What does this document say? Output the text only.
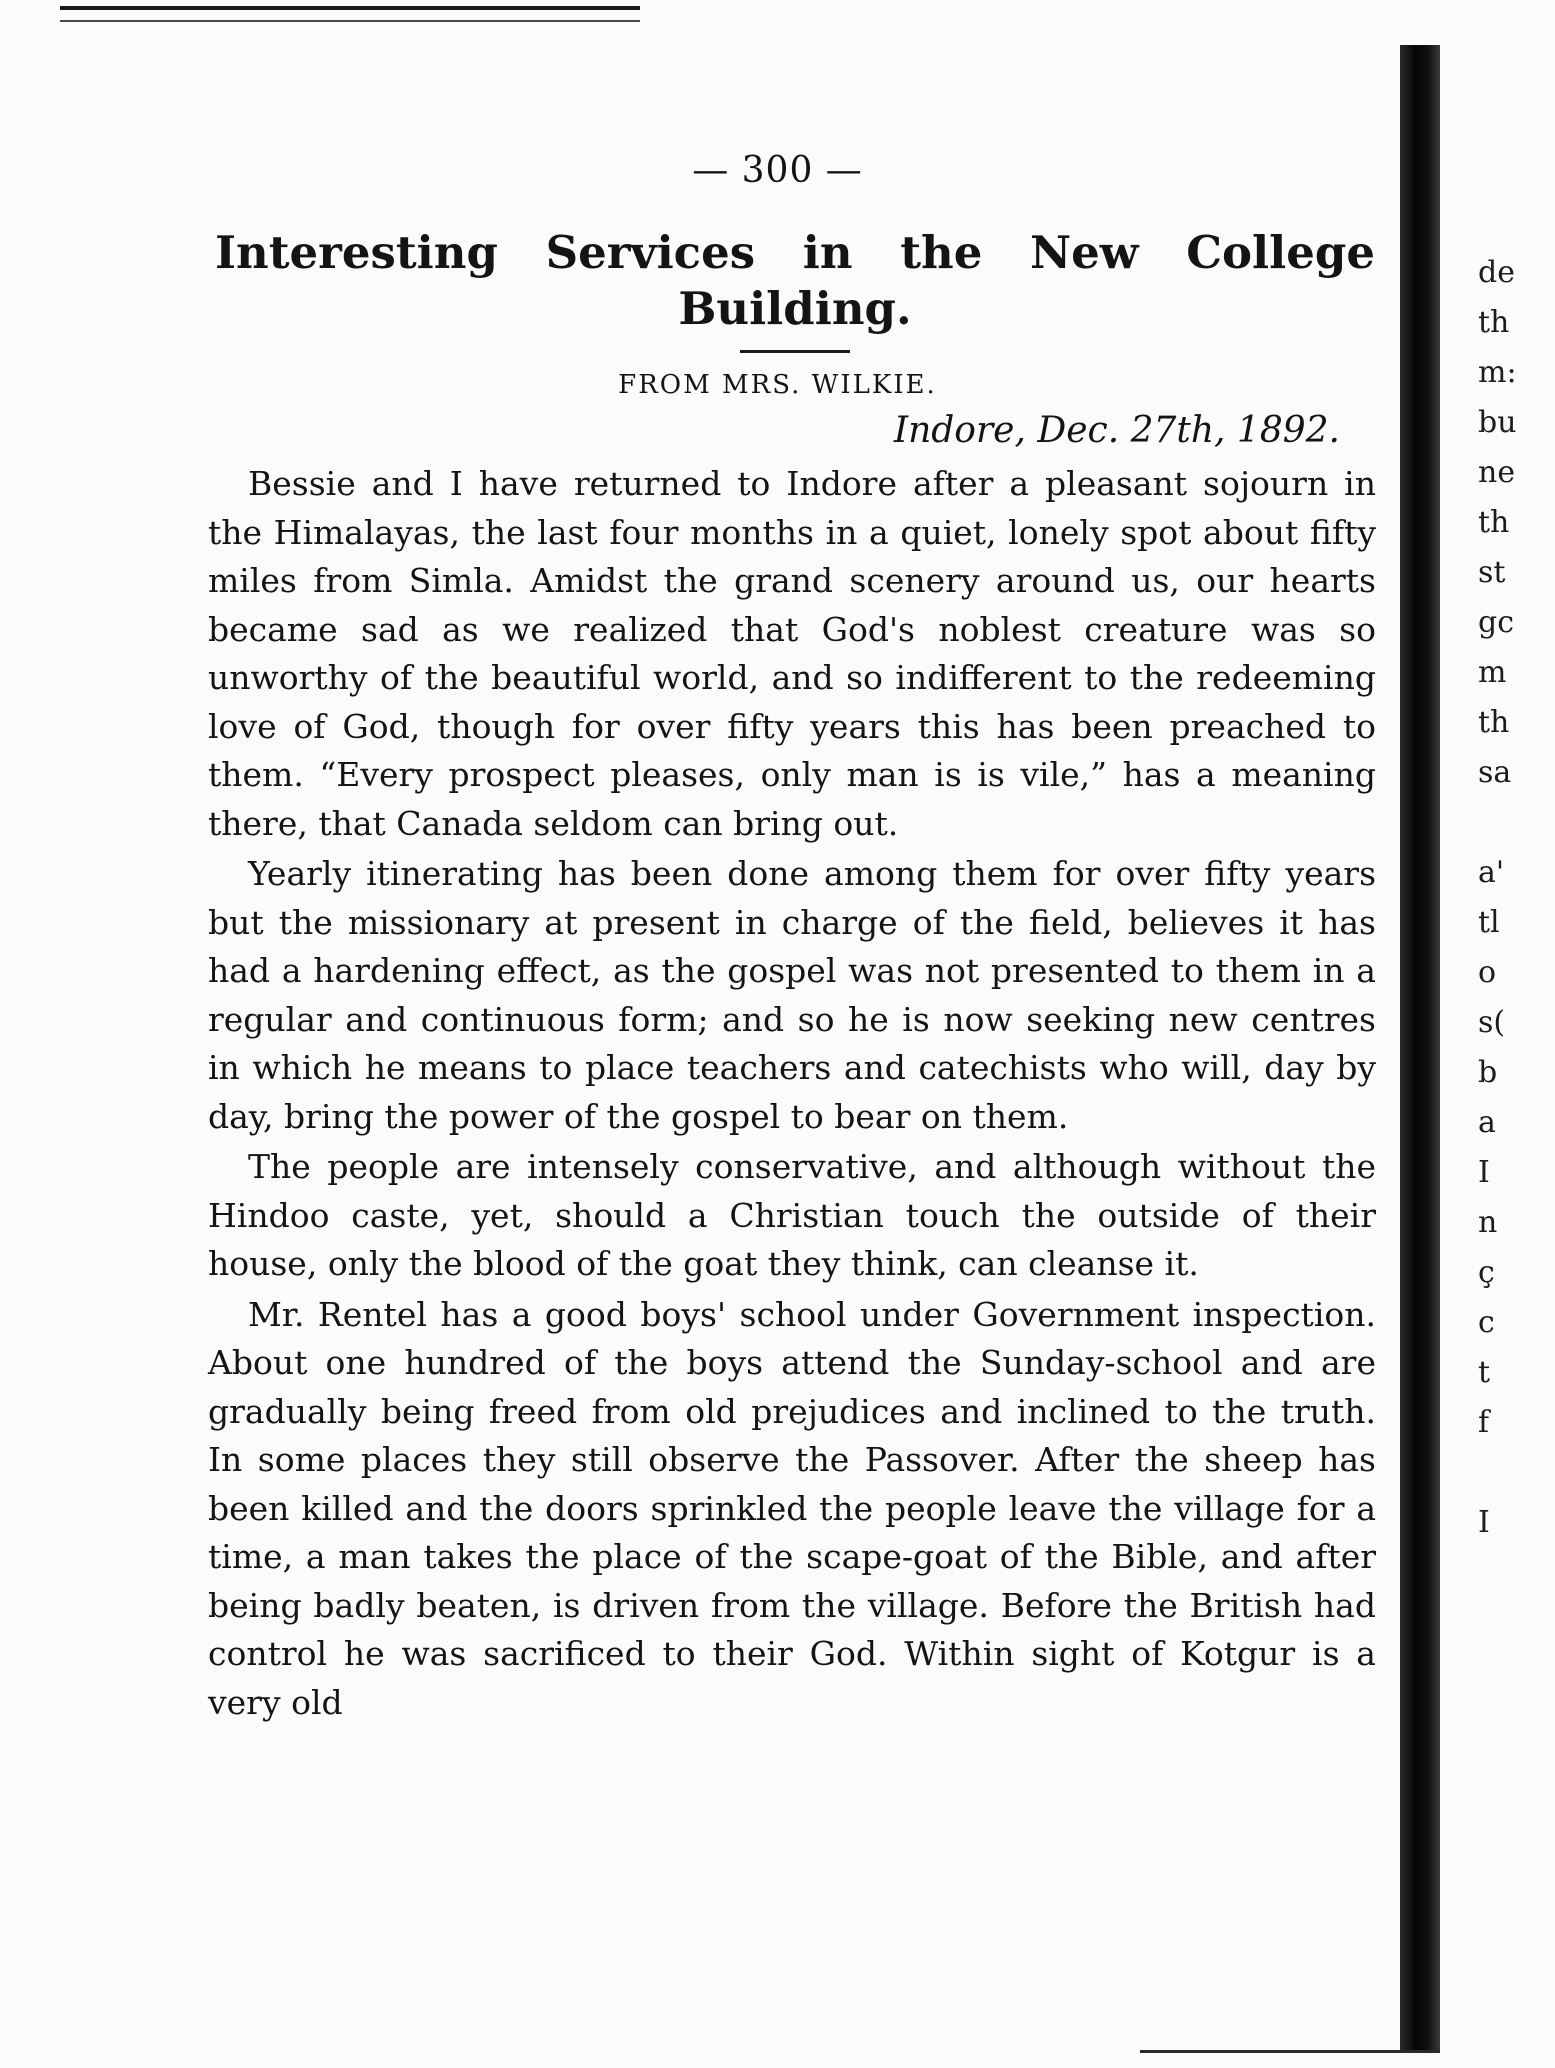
— 300 —
Interesting Services in the New College
Building.
FROM MRS. WILKIE.
Indore, Dec. 27th, 1892.

Bessie and I have returned to Indore after a pleasant sojourn in the Himalayas, the last four months in a quiet, lonely spot about fifty miles from Simla. Amidst the grand scenery around us, our hearts became sad as we realized that God's noblest creature was so unworthy of the beautiful world, and so indifferent to the redeeming love of God, though for over fifty years this has been preached to them. “Every prospect pleases, only man is is vile,” has a meaning there, that Canada seldom can bring out.

Yearly itinerating has been done among them for over fifty years but the missionary at present in charge of the field, believes it has had a hardening effect, as the gospel was not presented to them in a regular and continuous form; and so he is now seeking new centres in which he means to place teachers and catechists who will, day by day, bring the power of the gospel to bear on them.

The people are intensely conservative, and although without the Hindoo caste, yet, should a Christian touch the outside of their house, only the blood of the goat they think, can cleanse it.

Mr. Rentel has a good boys' school under Government inspection. About one hundred of the boys attend the Sunday-school and are gradually being freed from old prejudices and inclined to the truth. In some places they still observe the Passover. After the sheep has been killed and the doors sprinkled the people leave the village for a time, a man takes the place of the scape-goat of the Bible, and after being badly beaten, is driven from the village. Before the British had control he was sacrificed to their God. Within sight of Kotgur is a very old

de
th
m:
bu
ne
th
st
gc
m
th
sa
a'
tl
o
s(
b
a
I
n
ç
c
t
f
I
